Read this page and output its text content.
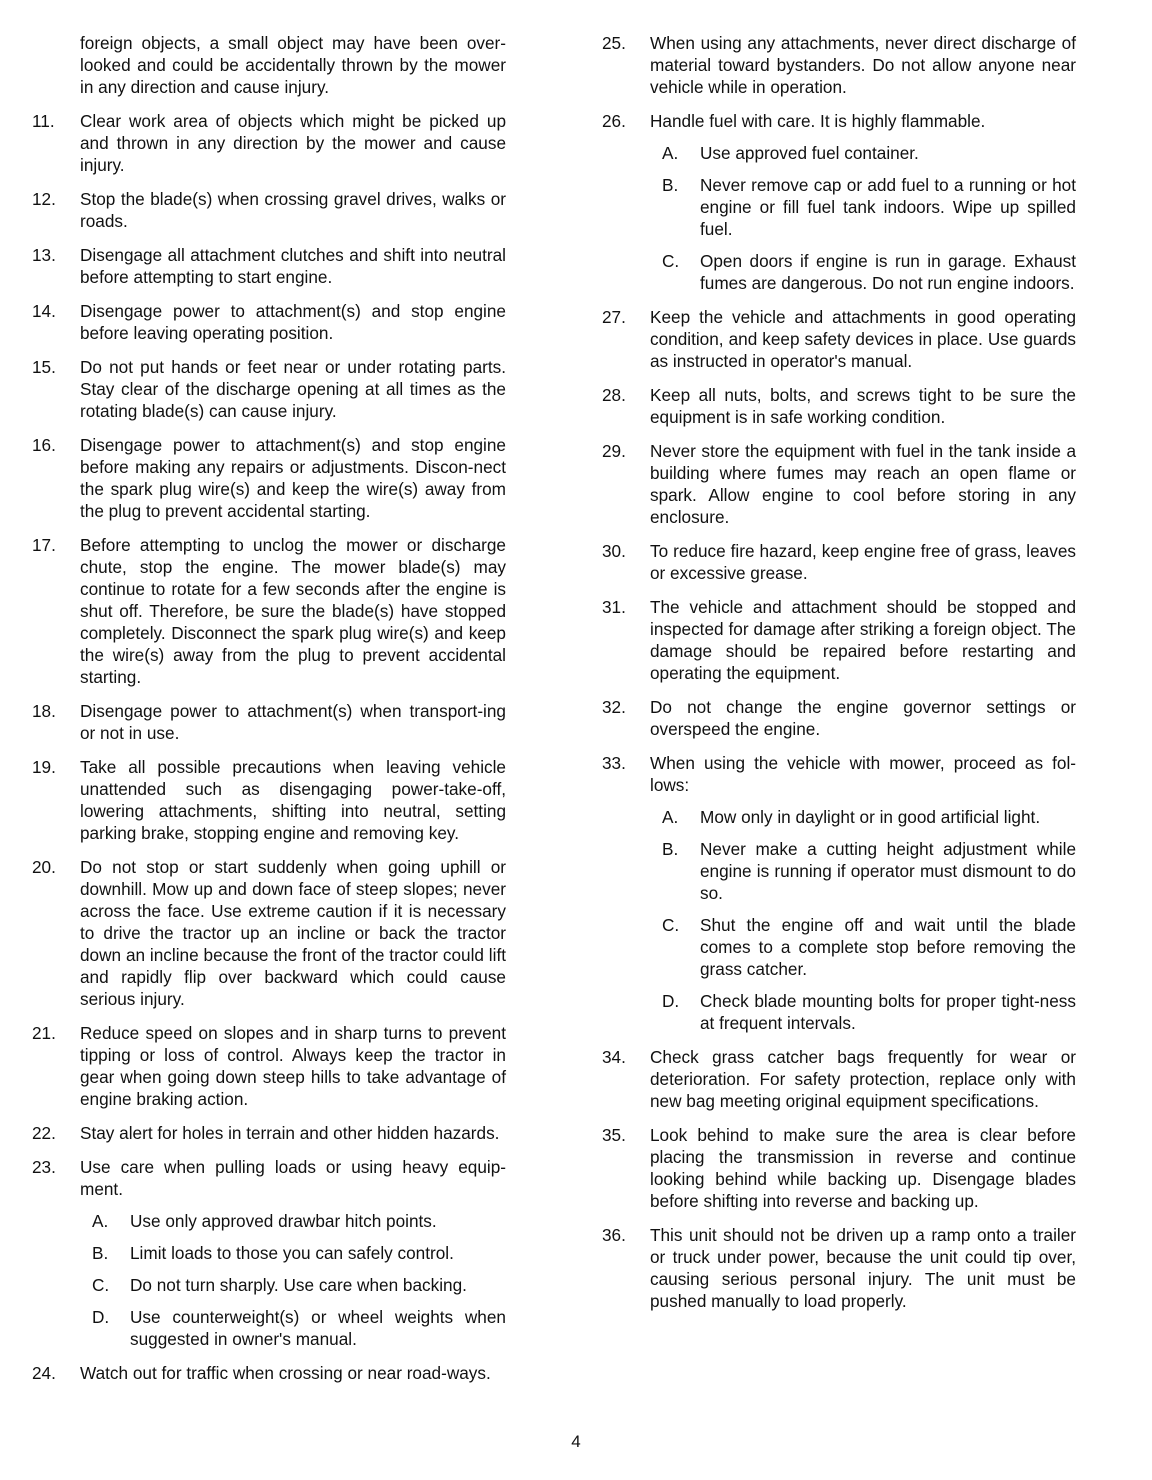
foreign objects, a small object may have been over-looked and could be accidentally thrown by the mower in any direction and cause injury.
11.	Clear work area of objects which might be picked up and thrown in any direction by the mower and cause injury.
12.	Stop the blade(s) when crossing gravel drives, walks or roads.
13.	Disengage all attachment clutches and shift into neutral before attempting to start engine.
14.	Disengage power to attachment(s) and stop engine before leaving operating position.
15.	Do not put hands or feet near or under rotating parts. Stay clear of the discharge opening at all times as the rotating blade(s) can cause injury.
16.	Disengage power to attachment(s) and stop engine before making any repairs or adjustments. Discon-nect the spark plug wire(s) and keep the wire(s) away from the plug to prevent accidental starting.
17.	Before attempting to unclog the mower or discharge chute, stop the engine. The mower blade(s) may continue to rotate for a few seconds after the engine is shut off. Therefore, be sure the blade(s) have stopped completely. Disconnect the spark plug wire(s) and keep the wire(s) away from the plug to prevent accidental starting.
18.	Disengage power to attachment(s) when transport-ing or not in use.
19.	Take all possible precautions when leaving vehicle unattended such as disengaging power-take-off, lowering attachments, shifting into neutral, setting parking brake, stopping engine and removing key.
20.	Do not stop or start suddenly when going uphill or downhill. Mow up and down face of steep slopes; never across the face. Use extreme caution if it is necessary to drive the tractor up an incline or back the tractor down an incline because the front of the tractor could lift and rapidly flip over backward which could cause serious injury.
21.	Reduce speed on slopes and in sharp turns to prevent tipping or loss of control. Always keep the tractor in gear when going down steep hills to take advantage of engine braking action.
22.	Stay alert for holes in terrain and other hidden hazards.
23.	Use care when pulling loads or using heavy equip-ment.
A.	Use only approved drawbar hitch points.
B.	Limit loads to those you can safely control.
C.	Do not turn sharply. Use care when backing.
D.	Use counterweight(s) or wheel weights when suggested in owner's manual.
24.	Watch out for traffic when crossing or near road-ways.
25.	When using any attachments, never direct discharge of material toward bystanders. Do not allow anyone near vehicle while in operation.
26.	Handle fuel with care. It is highly flammable.
A.	Use approved fuel container.
B.	Never remove cap or add fuel to a running or hot engine or fill fuel tank indoors. Wipe up spilled fuel.
C.	Open doors if engine is run in garage. Exhaust fumes are dangerous. Do not run engine indoors.
27.	Keep the vehicle and attachments in good operating condition, and keep safety devices in place. Use guards as instructed in operator's manual.
28.	Keep all nuts, bolts, and screws tight to be sure the equipment is in safe working condition.
29.	Never store the equipment with fuel in the tank inside a building where fumes may reach an open flame or spark. Allow engine to cool before storing in any enclosure.
30.	To reduce fire hazard, keep engine free of grass, leaves or excessive grease.
31.	The vehicle and attachment should be stopped and inspected for damage after striking a foreign object. The damage should be repaired before restarting and operating the equipment.
32.	Do not change the engine governor settings or overspeed the engine.
33.	When using the vehicle with mower, proceed as fol-lows:
A.	Mow only in daylight or in good artificial light.
B.	Never make a cutting height adjustment while engine is running if operator must dismount to do so.
C.	Shut the engine off and wait until the blade comes to a complete stop before removing the grass catcher.
D.	Check blade mounting bolts for proper tight-ness at frequent intervals.
34.	Check grass catcher bags frequently for wear or deterioration. For safety protection, replace only with new bag meeting original equipment specifications.
35.	Look behind to make sure the area is clear before placing the transmission in reverse and continue looking behind while backing up. Disengage blades before shifting into reverse and backing up.
36.	This unit should not be driven up a ramp onto a trailer or truck under power, because the unit could tip over, causing serious personal injury. The unit must be pushed manually to load properly.
4
